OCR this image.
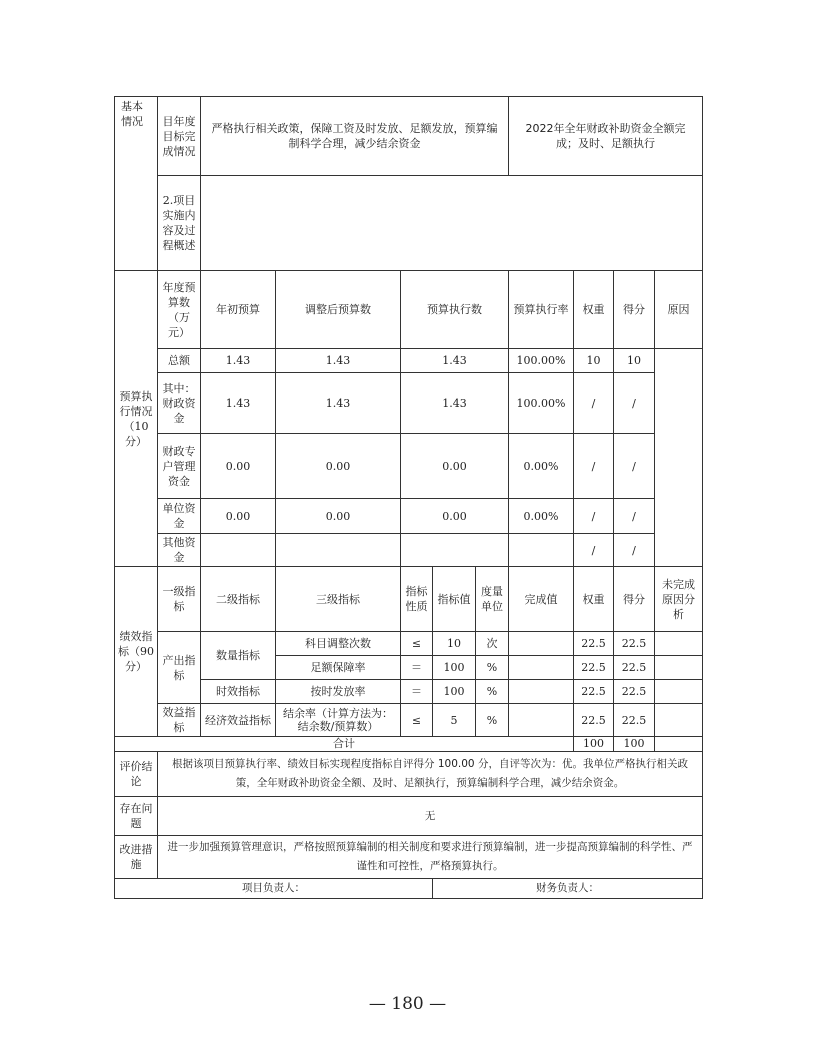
基本情况	目年度目标完成情况	严格执行相关政策，保障工资及时发放、足额发放，预算编制科学合理，减少结余资金					2022年全年财政补助资金全额完成；及时、足额执行			
	2.项目实施内容及过程概述									
预算执行情况（10分）	年度预算数（万元）	年初预算	调整后预算数	预算执行数			预算执行率	权重	得分	原因
	总额	1.43	1.43	1.43			100.00%	10	10	
	其中：财政资金	1.43	1.43	1.43			100.00%	/	/	
	财政专户管理资金	0.00	0.00	0.00			0.00%	/	/	
	单位资金	0.00	0.00	0.00			0.00%	/	/	
	其他资金							/	/	
绩效指标（90分）	一级指标	二级指标	三级指标	指标性质	指标值	度量单位	完成值	权重	得分	未完成原因分析
	产出指标	数量指标	科目调整次数	≤	10	次		22.5	22.5	
			足额保障率	＝	100	%		22.5	22.5	
		时效指标	按时发放率	＝	100	%		22.5	22.5	
	效益指标	经济效益指标	结余率（计算方法为：结余数/预算数）	≤	5	%		22.5	22.5	
合计								100	100	
评价结论	根据该项目预算执行率、绩效目标实现程度指标自评得分 100.00 分，自评等次为：优。我单位严格执行相关政策，全年财政补助资金全额、及时、足额执行，预算编制科学合理，减少结余资金。									
存在问题	无									
改进措施	进一步加强预算管理意识，严格按照预算编制的相关制度和要求进行预算编制，进一步提高预算编制的科学性、严谨性和可控性，严格预算执行。									
项目负责人：					财务负责人：					
— 180 —
